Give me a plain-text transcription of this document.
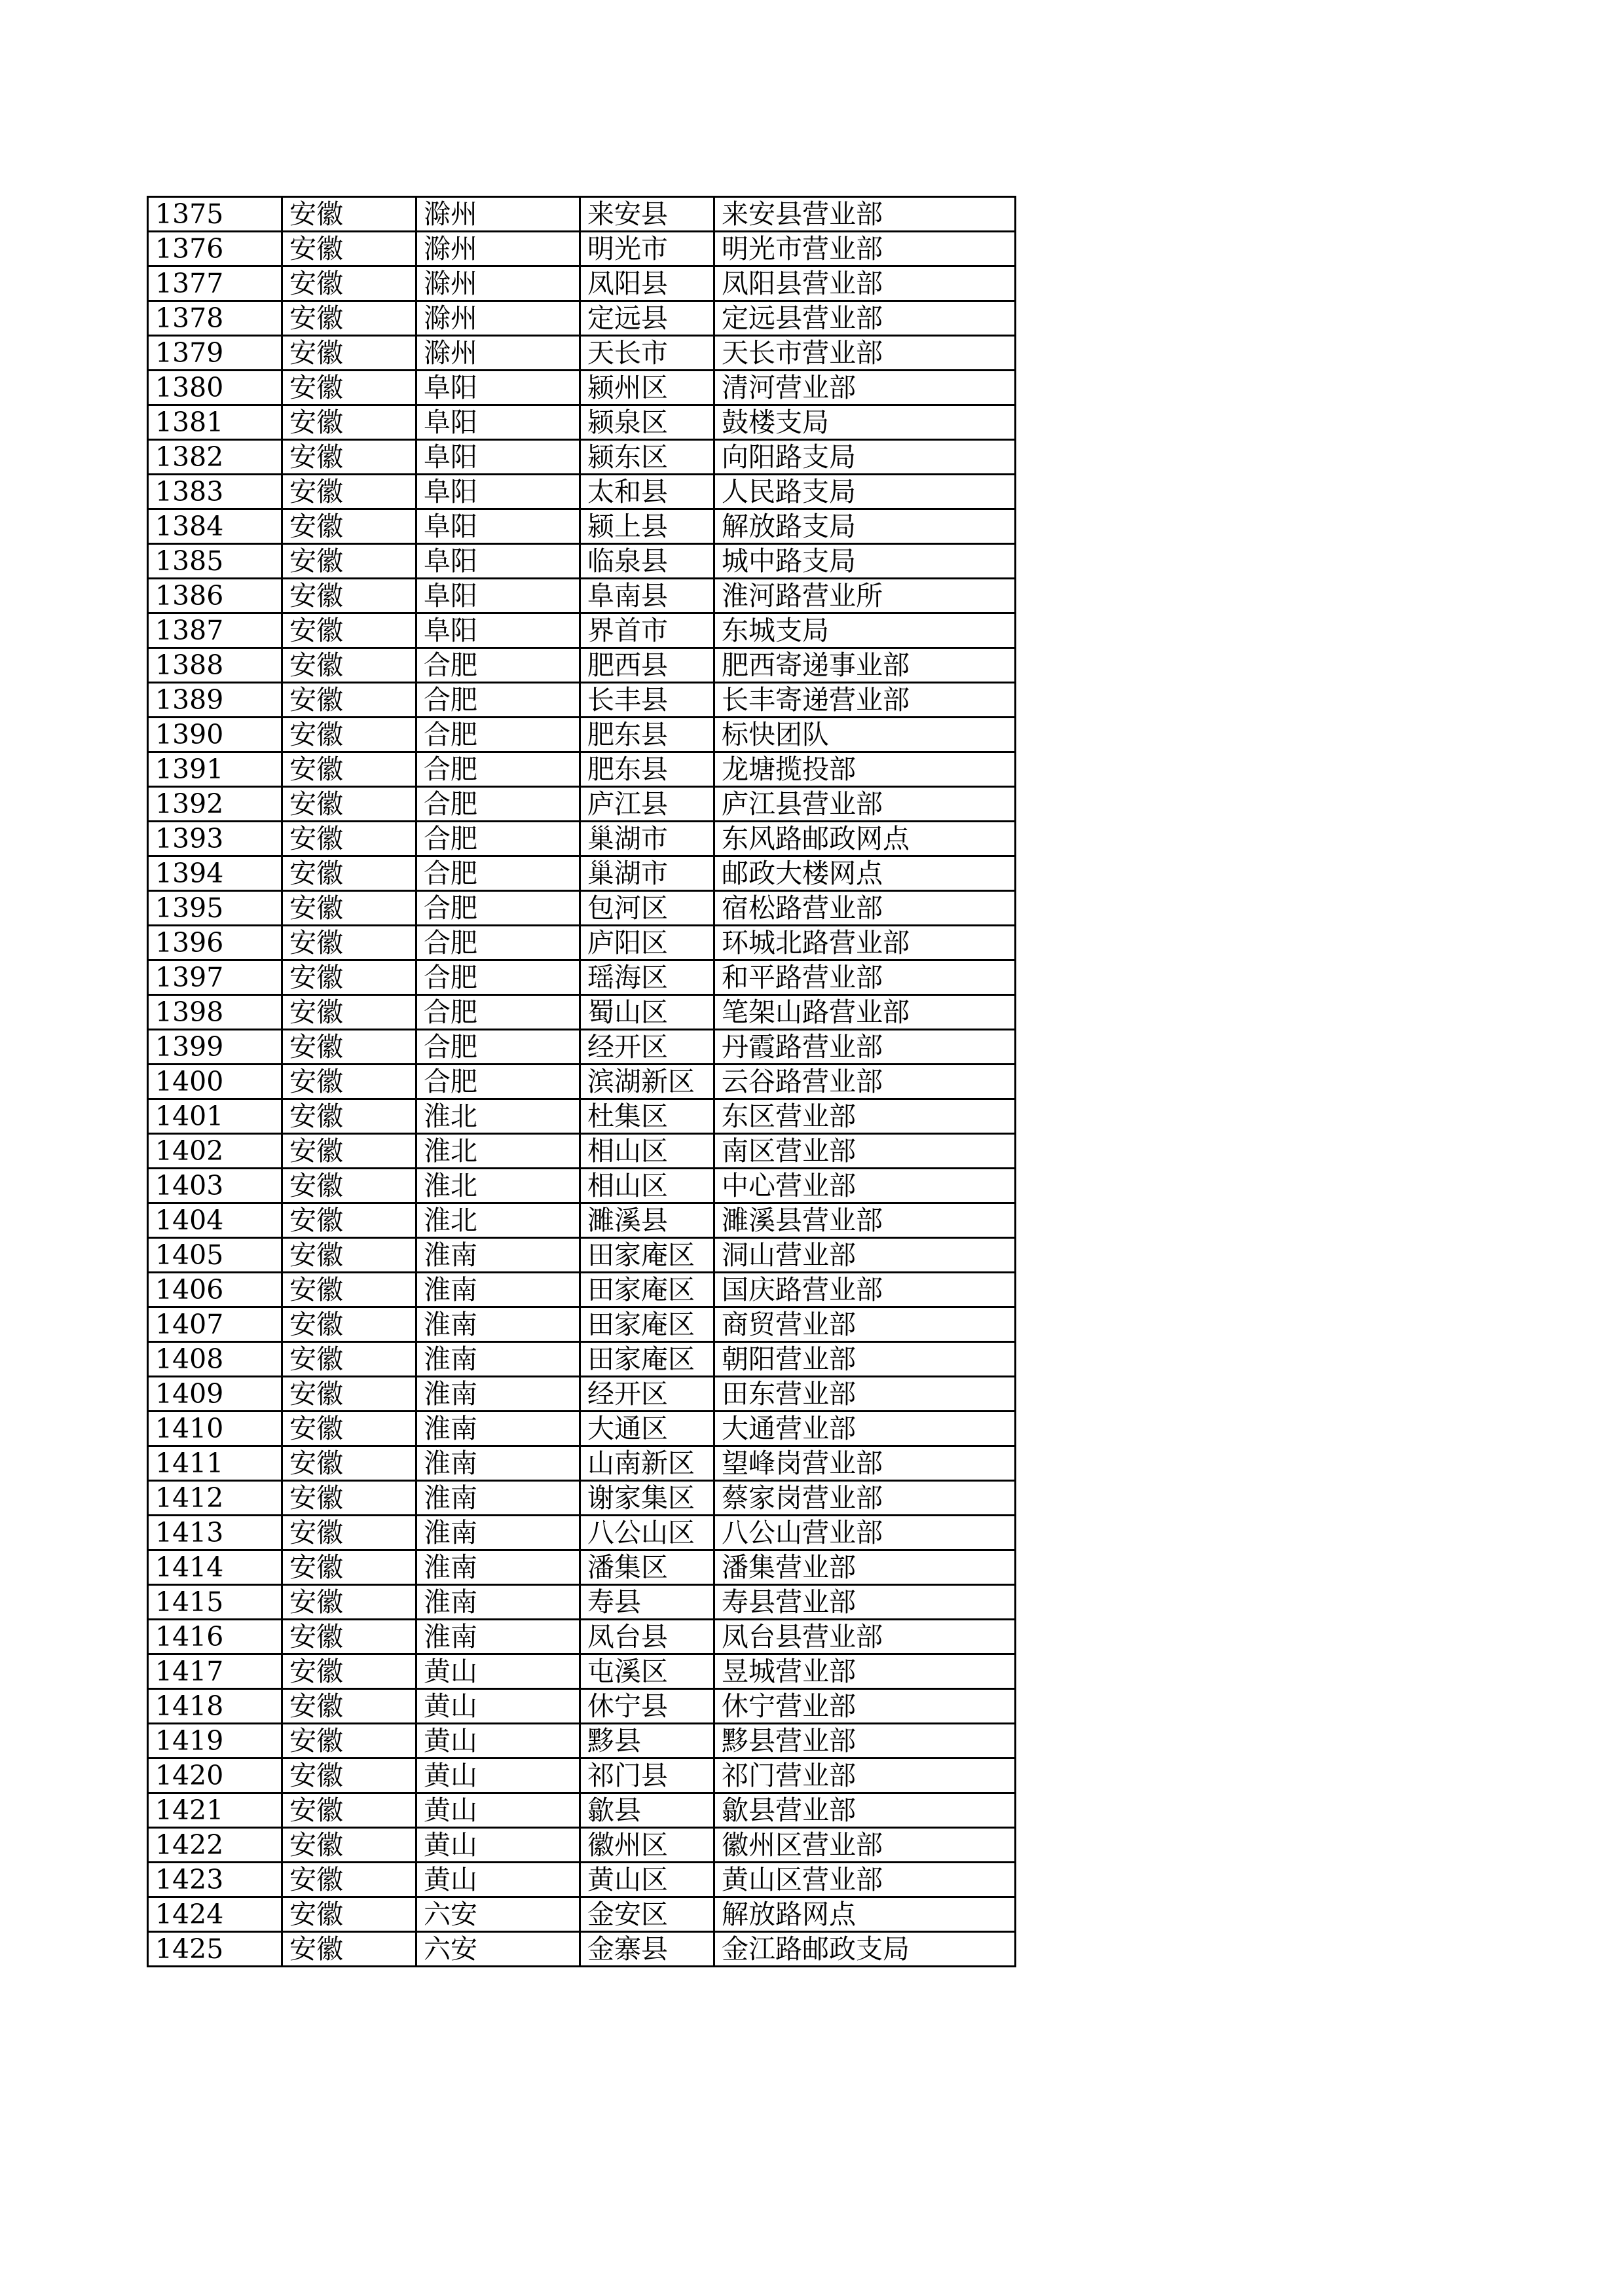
1375	安徽	滁州	来安县	来安县营业部
1376	安徽	滁州	明光市	明光市营业部
1377	安徽	滁州	凤阳县	凤阳县营业部
1378	安徽	滁州	定远县	定远县营业部
1379	安徽	滁州	天长市	天长市营业部
1380	安徽	阜阳	颍州区	清河营业部
1381	安徽	阜阳	颍泉区	鼓楼支局
1382	安徽	阜阳	颍东区	向阳路支局
1383	安徽	阜阳	太和县	人民路支局
1384	安徽	阜阳	颍上县	解放路支局
1385	安徽	阜阳	临泉县	城中路支局
1386	安徽	阜阳	阜南县	淮河路营业所
1387	安徽	阜阳	界首市	东城支局
1388	安徽	合肥	肥西县	肥西寄递事业部
1389	安徽	合肥	长丰县	长丰寄递营业部
1390	安徽	合肥	肥东县	标快团队
1391	安徽	合肥	肥东县	龙塘揽投部
1392	安徽	合肥	庐江县	庐江县营业部
1393	安徽	合肥	巢湖市	东风路邮政网点
1394	安徽	合肥	巢湖市	邮政大楼网点
1395	安徽	合肥	包河区	宿松路营业部
1396	安徽	合肥	庐阳区	环城北路营业部
1397	安徽	合肥	瑶海区	和平路营业部
1398	安徽	合肥	蜀山区	笔架山路营业部
1399	安徽	合肥	经开区	丹霞路营业部
1400	安徽	合肥	滨湖新区	云谷路营业部
1401	安徽	淮北	杜集区	东区营业部
1402	安徽	淮北	相山区	南区营业部
1403	安徽	淮北	相山区	中心营业部
1404	安徽	淮北	濉溪县	濉溪县营业部
1405	安徽	淮南	田家庵区	洞山营业部
1406	安徽	淮南	田家庵区	国庆路营业部
1407	安徽	淮南	田家庵区	商贸营业部
1408	安徽	淮南	田家庵区	朝阳营业部
1409	安徽	淮南	经开区	田东营业部
1410	安徽	淮南	大通区	大通营业部
1411	安徽	淮南	山南新区	望峰岗营业部
1412	安徽	淮南	谢家集区	蔡家岗营业部
1413	安徽	淮南	八公山区	八公山营业部
1414	安徽	淮南	潘集区	潘集营业部
1415	安徽	淮南	寿县	寿县营业部
1416	安徽	淮南	凤台县	凤台县营业部
1417	安徽	黄山	屯溪区	昱城营业部
1418	安徽	黄山	休宁县	休宁营业部
1419	安徽	黄山	黟县	黟县营业部
1420	安徽	黄山	祁门县	祁门营业部
1421	安徽	黄山	歙县	歙县营业部
1422	安徽	黄山	徽州区	徽州区营业部
1423	安徽	黄山	黄山区	黄山区营业部
1424	安徽	六安	金安区	解放路网点
1425	安徽	六安	金寨县	金江路邮政支局
